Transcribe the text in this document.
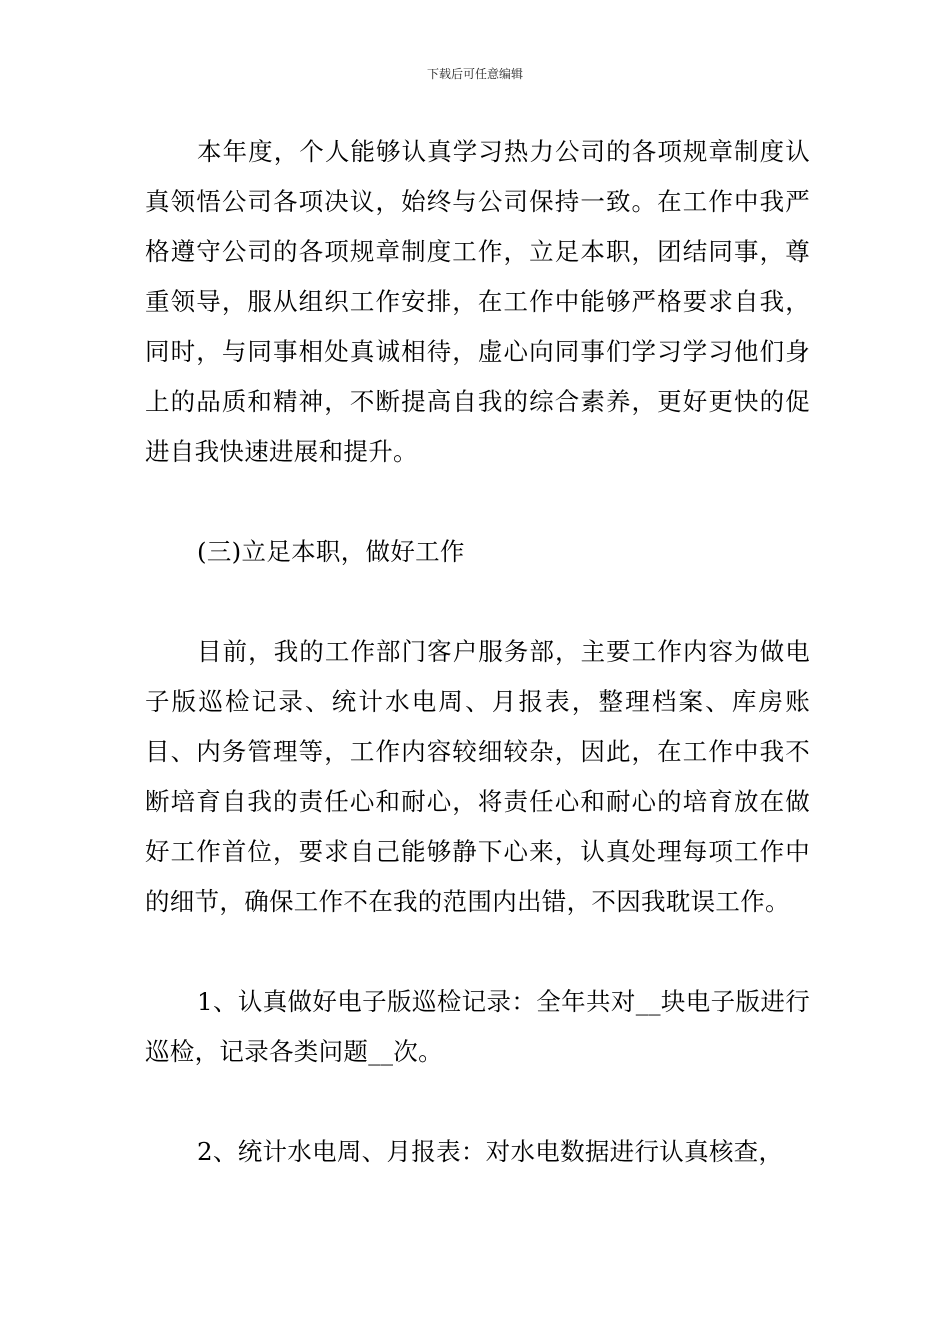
下载后可任意编辑

本年度，个人能够认真学习热力公司的各项规章制度认真领悟公司各项决议，始终与公司保持一致。在工作中我严格遵守公司的各项规章制度工作，立足本职，团结同事，尊重领导，服从组织工作安排，在工作中能够严格要求自我，同时，与同事相处真诚相待，虚心向同事们学习学习他们身上的品质和精神，不断提高自我的综合素养，更好更快的促进自我快速进展和提升。

(三)立足本职，做好工作

目前，我的工作部门客户服务部，主要工作内容为做电子版巡检记录、统计水电周、月报表，整理档案、库房账目、内务管理等，工作内容较细较杂，因此，在工作中我不断培育自我的责任心和耐心，将责任心和耐心的培育放在做好工作首位，要求自己能够静下心来，认真处理每项工作中的细节，确保工作不在我的范围内出错，不因我耽误工作。

1、认真做好电子版巡检记录：全年共对__块电子版进行巡检，记录各类问题__次。

2、统计水电周、月报表：对水电数据进行认真核查，
